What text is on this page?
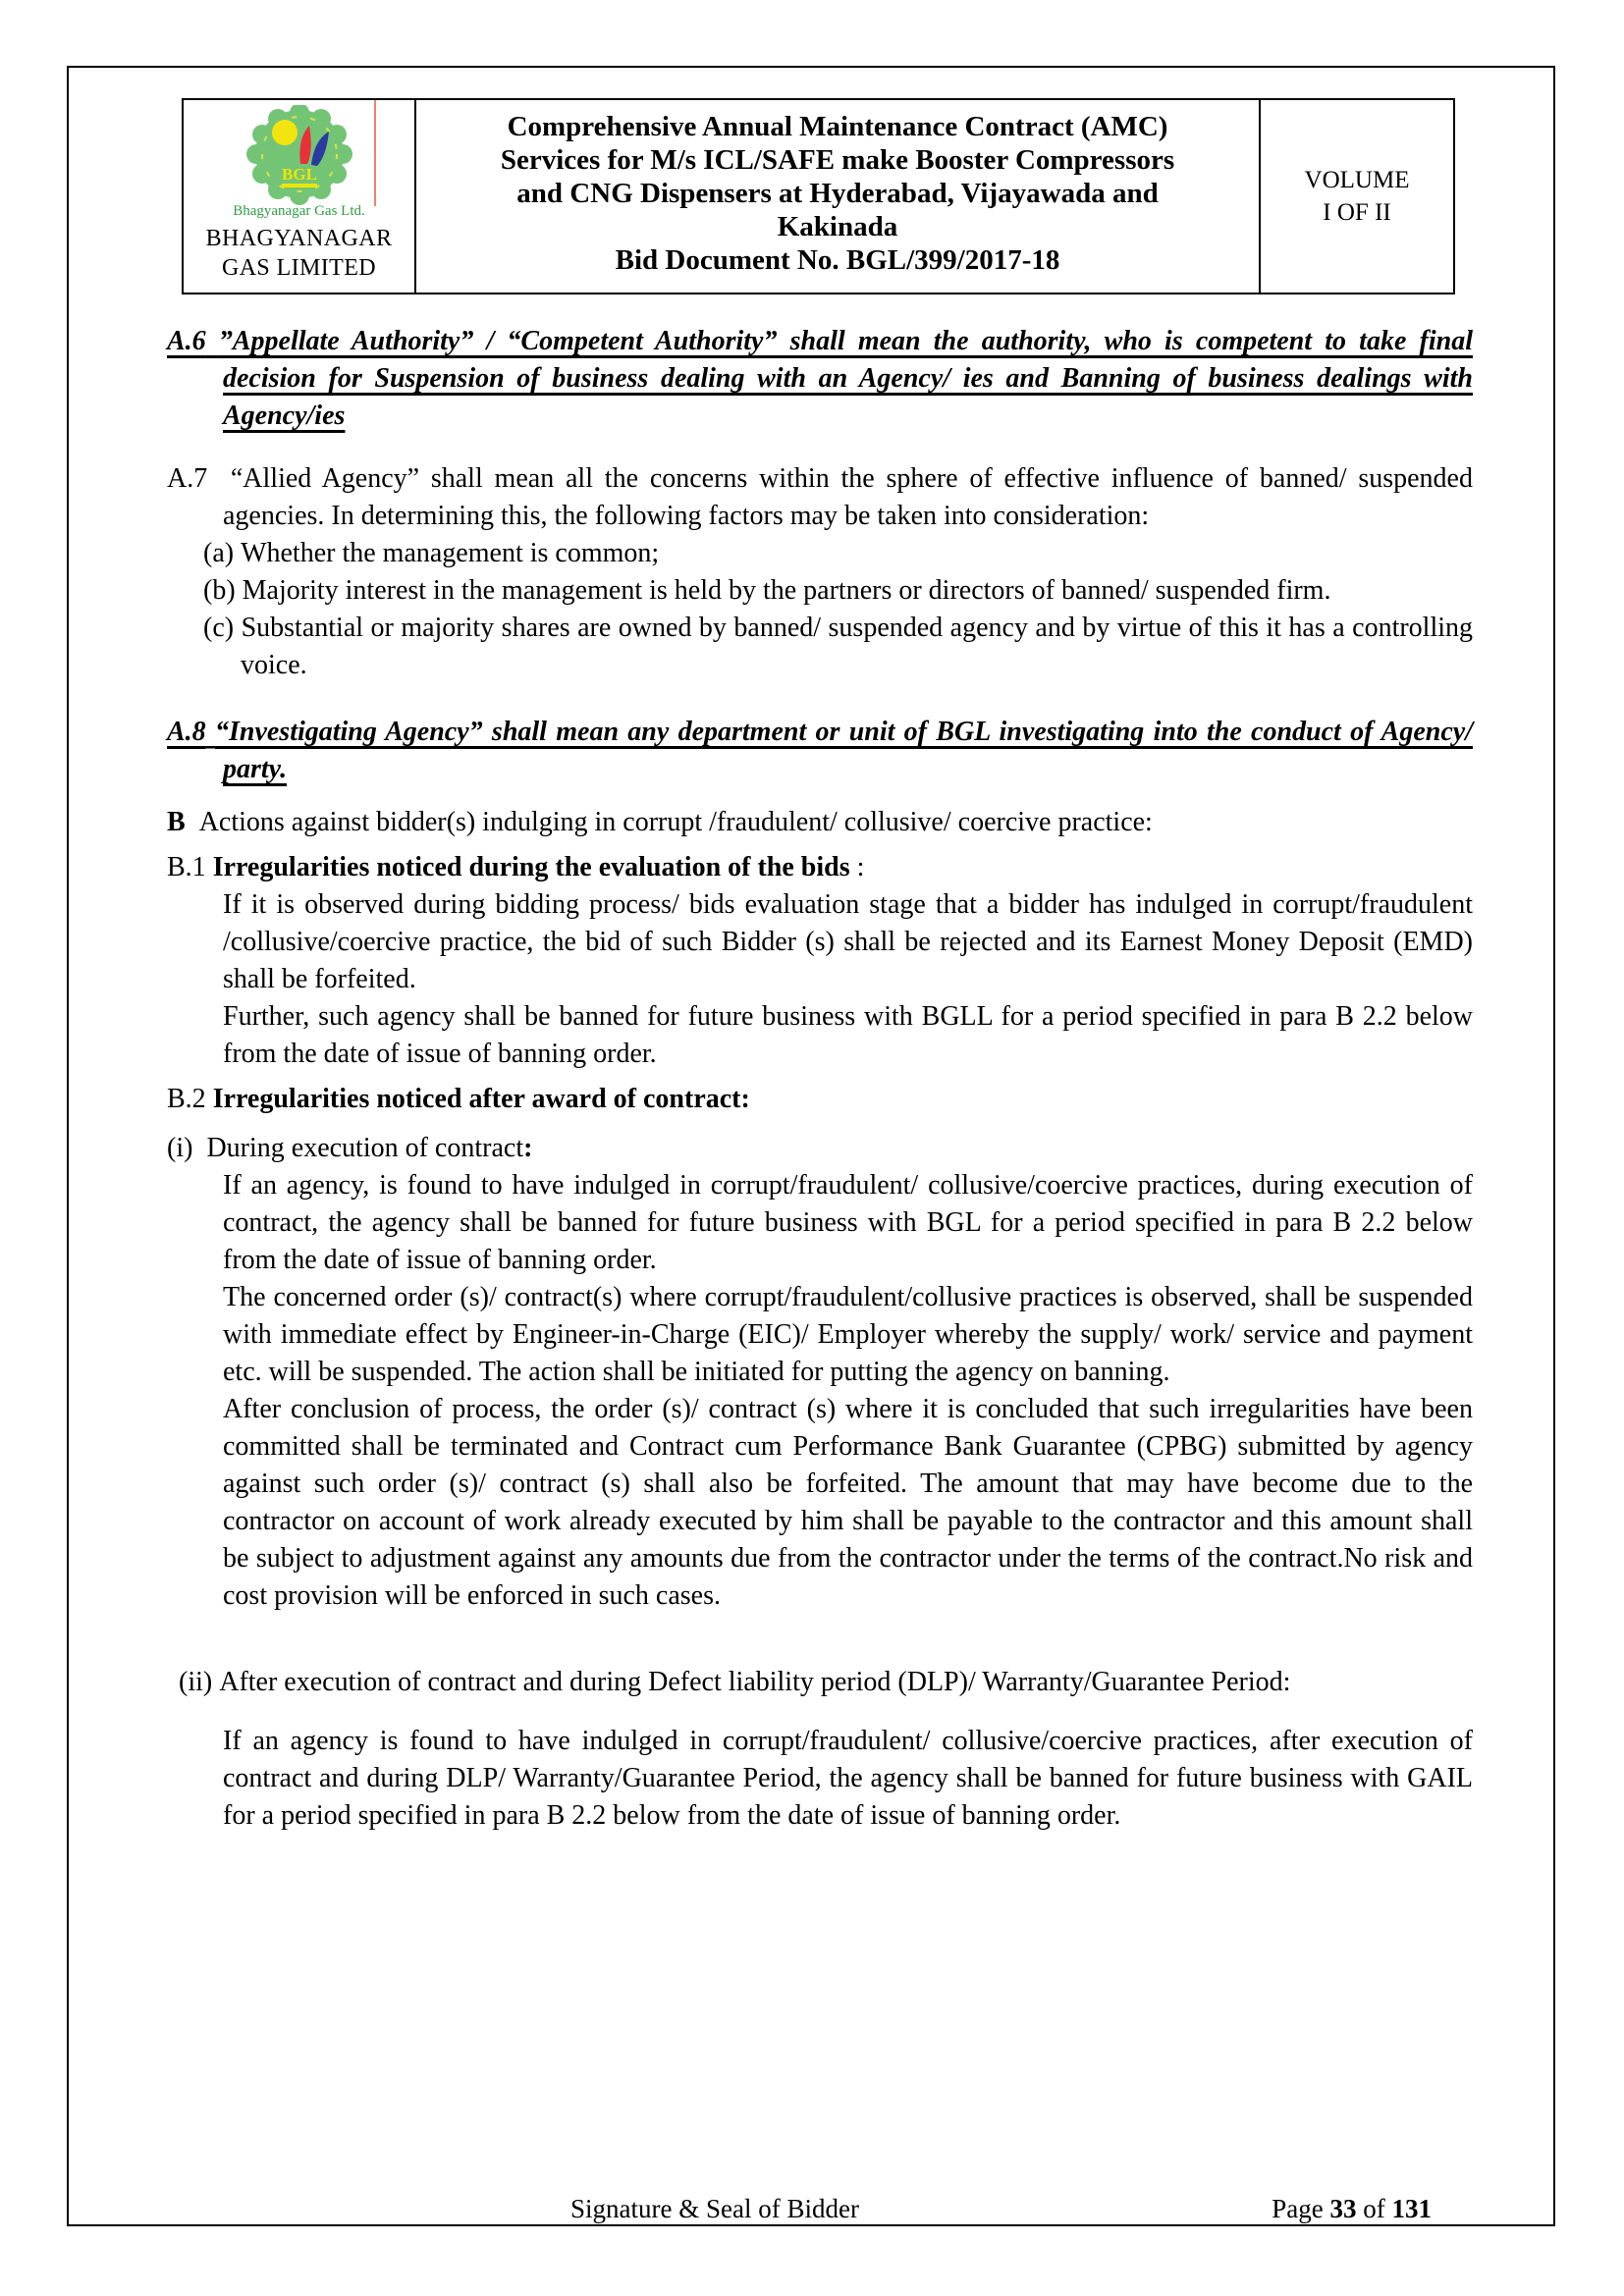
BGL
Bhagyanagar Gas Ltd.
BHAGYANAGAR
GAS LIMITED
Comprehensive Annual Maintenance Contract (AMC)
Services for M/s ICL/SAFE make Booster Compressors
and CNG Dispensers at Hyderabad, Vijayawada and
Kakinada
Bid Document No. BGL/399/2017-18
VOLUME
I OF II
A.6 ”Appellate Authority” / “Competent Authority” shall mean the authority, who is competent to take final decision for Suspension of business dealing with an Agency/ ies and Banning of business dealings with Agency/ies
A.7 “Allied Agency” shall mean all the concerns within the sphere of effective influence of banned/ suspended agencies. In determining this, the following factors may be taken into consideration:
(a) Whether the management is common;
(b) Majority interest in the management is held by the partners or directors of banned/ suspended firm.
(c) Substantial or majority shares are owned by banned/ suspended agency and by virtue of this it has a controlling voice.
A.8 “Investigating Agency” shall mean any department or unit of BGL investigating into the conduct of Agency/ party.
B Actions against bidder(s) indulging in corrupt /fraudulent/ collusive/ coercive practice:
B.1 Irregularities noticed during the evaluation of the bids :
If it is observed during bidding process/ bids evaluation stage that a bidder has indulged in corrupt/fraudulent /collusive/coercive practice, the bid of such Bidder (s) shall be rejected and its Earnest Money Deposit (EMD) shall be forfeited.
Further, such agency shall be banned for future business with BGLL for a period specified in para B 2.2 below from the date of issue of banning order.
B.2 Irregularities noticed after award of contract:
(i) During execution of contract:
If an agency, is found to have indulged in corrupt/fraudulent/ collusive/coercive practices, during execution of contract, the agency shall be banned for future business with BGL for a period specified in para B 2.2 below from the date of issue of banning order.
The concerned order (s)/ contract(s) where corrupt/fraudulent/collusive practices is observed, shall be suspended with immediate effect by Engineer-in-Charge (EIC)/ Employer whereby the supply/ work/ service and payment etc. will be suspended. The action shall be initiated for putting the agency on banning.
After conclusion of process, the order (s)/ contract (s) where it is concluded that such irregularities have been committed shall be terminated and Contract cum Performance Bank Guarantee (CPBG) submitted by agency against such order (s)/ contract (s) shall also be forfeited. The amount that may have become due to the contractor on account of work already executed by him shall be payable to the contractor and this amount shall be subject to adjustment against any amounts due from the contractor under the terms of the contract.No risk and cost provision will be enforced in such cases.
(ii) After execution of contract and during Defect liability period (DLP)/ Warranty/Guarantee Period:
If an agency is found to have indulged in corrupt/fraudulent/ collusive/coercive practices, after execution of contract and during DLP/ Warranty/Guarantee Period, the agency shall be banned for future business with GAIL for a period specified in para B 2.2 below from the date of issue of banning order.
Signature & Seal of Bidder	Page 33 of 131
